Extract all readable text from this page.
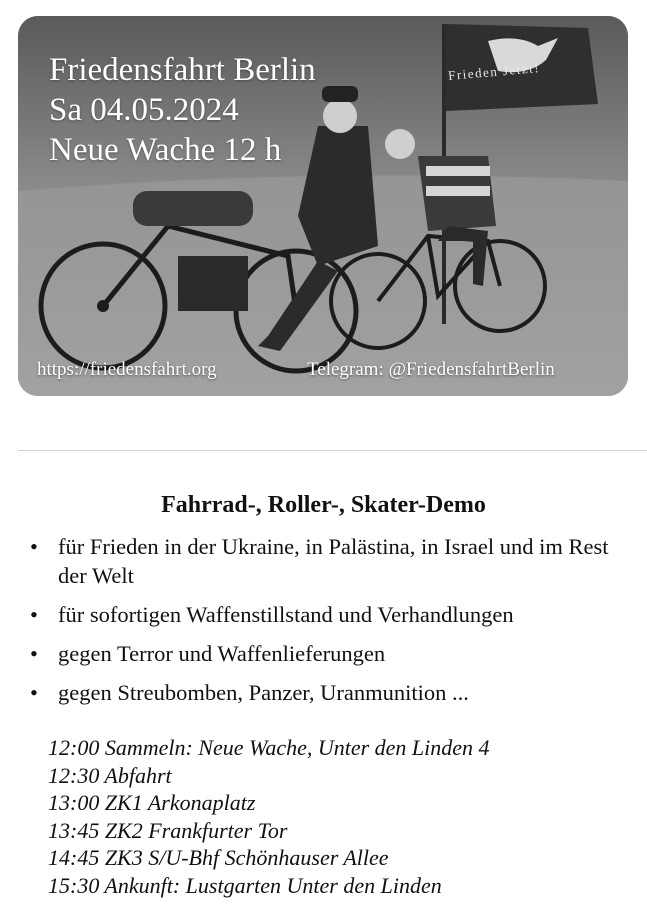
Friedensfahrt Berlin
Sa 04.05.2024
Neue Wache 12 h
Frieden Jetzt!
https://friedensfahrt.org	Telegram: @FriedensfahrtBerlin
Fahrrad-, Roller-, Skater-Demo
• für Frieden in der Ukraine, in Palästina, in Israel und im Rest der Welt
• für sofortigen Waffenstillstand und Verhandlungen
• gegen Terror und Waffenlieferungen
• gegen Streubomben, Panzer, Uranmunition ...
12:00 Sammeln: Neue Wache, Unter den Linden 4
12:30 Abfahrt
13:00 ZK1 Arkonaplatz
13:45 ZK2 Frankfurter Tor
14:45 ZK3 S/U-Bhf Schönhauser Allee
15:30 Ankunft: Lustgarten Unter den Linden
